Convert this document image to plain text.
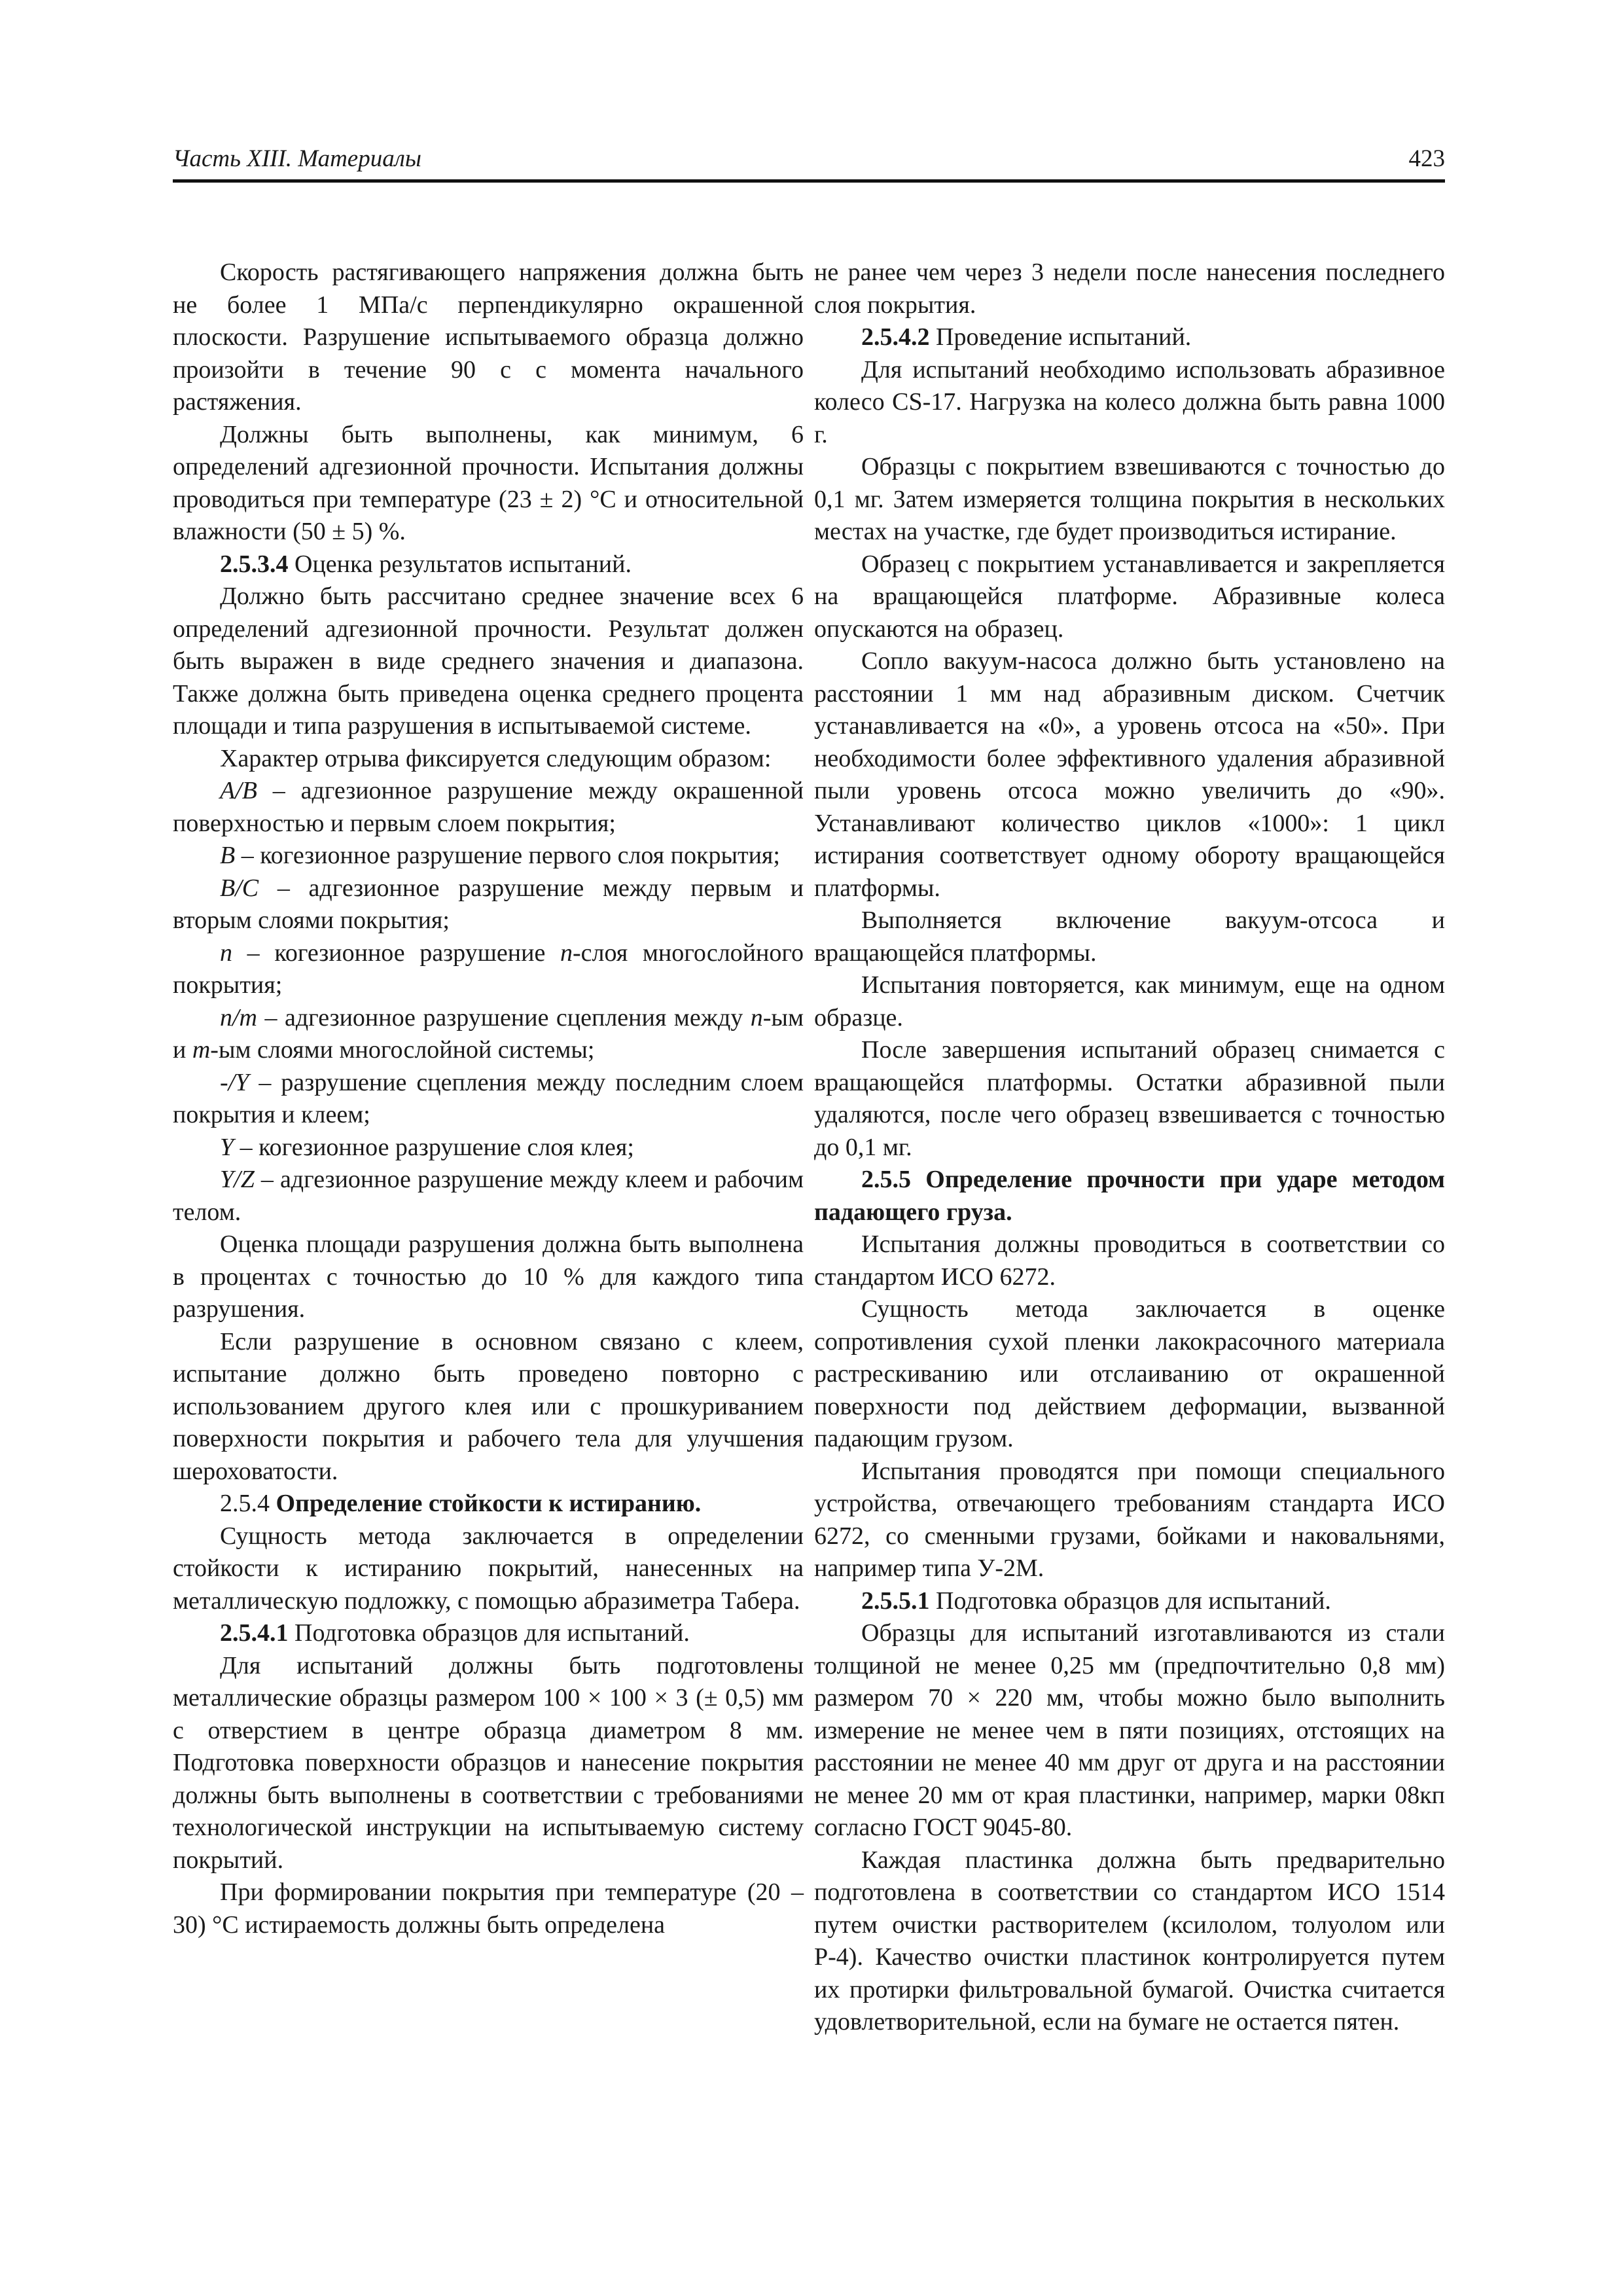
Часть XIII. Материалы	423

Скорость растягивающего напряжения должна быть не более 1 МПа/с перпендикулярно окрашенной плоскости. Разрушение испытываемого образца должно произойти в течение 90 с с момента начального растяжения.

Должны быть выполнены, как минимум, 6 определений адгезионной прочности. Испытания должны проводиться при температуре (23 ± 2) °С и относительной влажности (50 ± 5) %.

2.5.3.4 Оценка результатов испытаний.

Должно быть рассчитано среднее значение всех 6 определений адгезионной прочности. Результат должен быть выражен в виде среднего значения и диапазона. Также должна быть приведена оценка среднего процента площади и типа разрушения в испытываемой системе.

Характер отрыва фиксируется следующим образом:

A/B – адгезионное разрушение между окрашенной поверхностью и первым слоем покрытия;

B – когезионное разрушение первого слоя покрытия;

B/C – адгезионное разрушение между первым и вторым слоями покрытия;

n – когезионное разрушение n-слоя многослойного покрытия;

n/m – адгезионное разрушение сцепления между n-ым и m-ым слоями многослойной системы;

-/Y – разрушение сцепления между последним слоем покрытия и клеем;

Y – когезионное разрушение слоя клея;

Y/Z – адгезионное разрушение между клеем и рабочим телом.

Оценка площади разрушения должна быть выполнена в процентах с точностью до 10 % для каждого типа разрушения.

Если разрушение в основном связано с клеем, испытание должно быть проведено повторно с использованием другого клея или с прошкуриванием поверхности покрытия и рабочего тела для улучшения шероховатости.

2.5.4 Определение стойкости к истиранию.

Сущность метода заключается в определении стойкости к истиранию покрытий, нанесенных на металлическую подложку, с помощью абразиметра Табера.

2.5.4.1 Подготовка образцов для испытаний.

Для испытаний должны быть подготовлены металлические образцы размером 100 × 100 × 3 (± 0,5) мм с отверстием в центре образца диаметром 8 мм. Подготовка поверхности образцов и нанесение покрытия должны быть выполнены в соответствии с требованиями технологической инструкции на испытываемую систему покрытий.

При формировании покрытия при температуре (20 – 30) °С истираемость должны быть определена

не ранее чем через 3 недели после нанесения последнего слоя покрытия.

2.5.4.2 Проведение испытаний.

Для испытаний необходимо использовать абразивное колесо CS-17. Нагрузка на колесо должна быть равна 1000 г.

Образцы с покрытием взвешиваются с точностью до 0,1 мг. Затем измеряется толщина покрытия в нескольких местах на участке, где будет производиться истирание.

Образец с покрытием устанавливается и закрепляется на вращающейся платформе. Абразивные колеса опускаются на образец.

Сопло вакуум-насоса должно быть установлено на расстоянии 1 мм над абразивным диском. Счетчик устанавливается на «0», а уровень отсоса на «50». При необходимости более эффективного удаления абразивной пыли уровень отсоса можно увеличить до «90». Устанавливают количество циклов «1000»: 1 цикл истирания соответствует одному обороту вращающейся платформы.

Выполняется включение вакуум-отсоса и вращающейся платформы.

Испытания повторяется, как минимум, еще на одном образце.

После завершения испытаний образец снимается с вращающейся платформы. Остатки абразивной пыли удаляются, после чего образец взвешивается с точностью до 0,1 мг.

2.5.5 Определение прочности при ударе методом падающего груза.

Испытания должны проводиться в соответствии со стандартом ИСО 6272.

Сущность метода заключается в оценке сопротивления сухой пленки лакокрасочного материала растрескиванию или отслаиванию от окрашенной поверхности под действием деформации, вызванной падающим грузом.

Испытания проводятся при помощи специального устройства, отвечающего требованиям стандарта ИСО 6272, со сменными грузами, бойками и наковальнями, например типа У-2М.

2.5.5.1 Подготовка образцов для испытаний.

Образцы для испытаний изготавливаются из стали толщиной не менее 0,25 мм (предпочтительно 0,8 мм) размером 70 × 220 мм, чтобы можно было выполнить измерение не менее чем в пяти позициях, отстоящих на расстоянии не менее 40 мм друг от друга и на расстоянии не менее 20 мм от края пластинки, например, марки 08кп согласно ГОСТ 9045-80.

Каждая пластинка должна быть предварительно подготовлена в соответствии со стандартом ИСО 1514 путем очистки растворителем (ксилолом, толуолом или Р-4). Качество очистки пластинок контролируется путем их протирки фильтровальной бумагой. Очистка считается удовлетворительной, если на бумаге не остается пятен.
